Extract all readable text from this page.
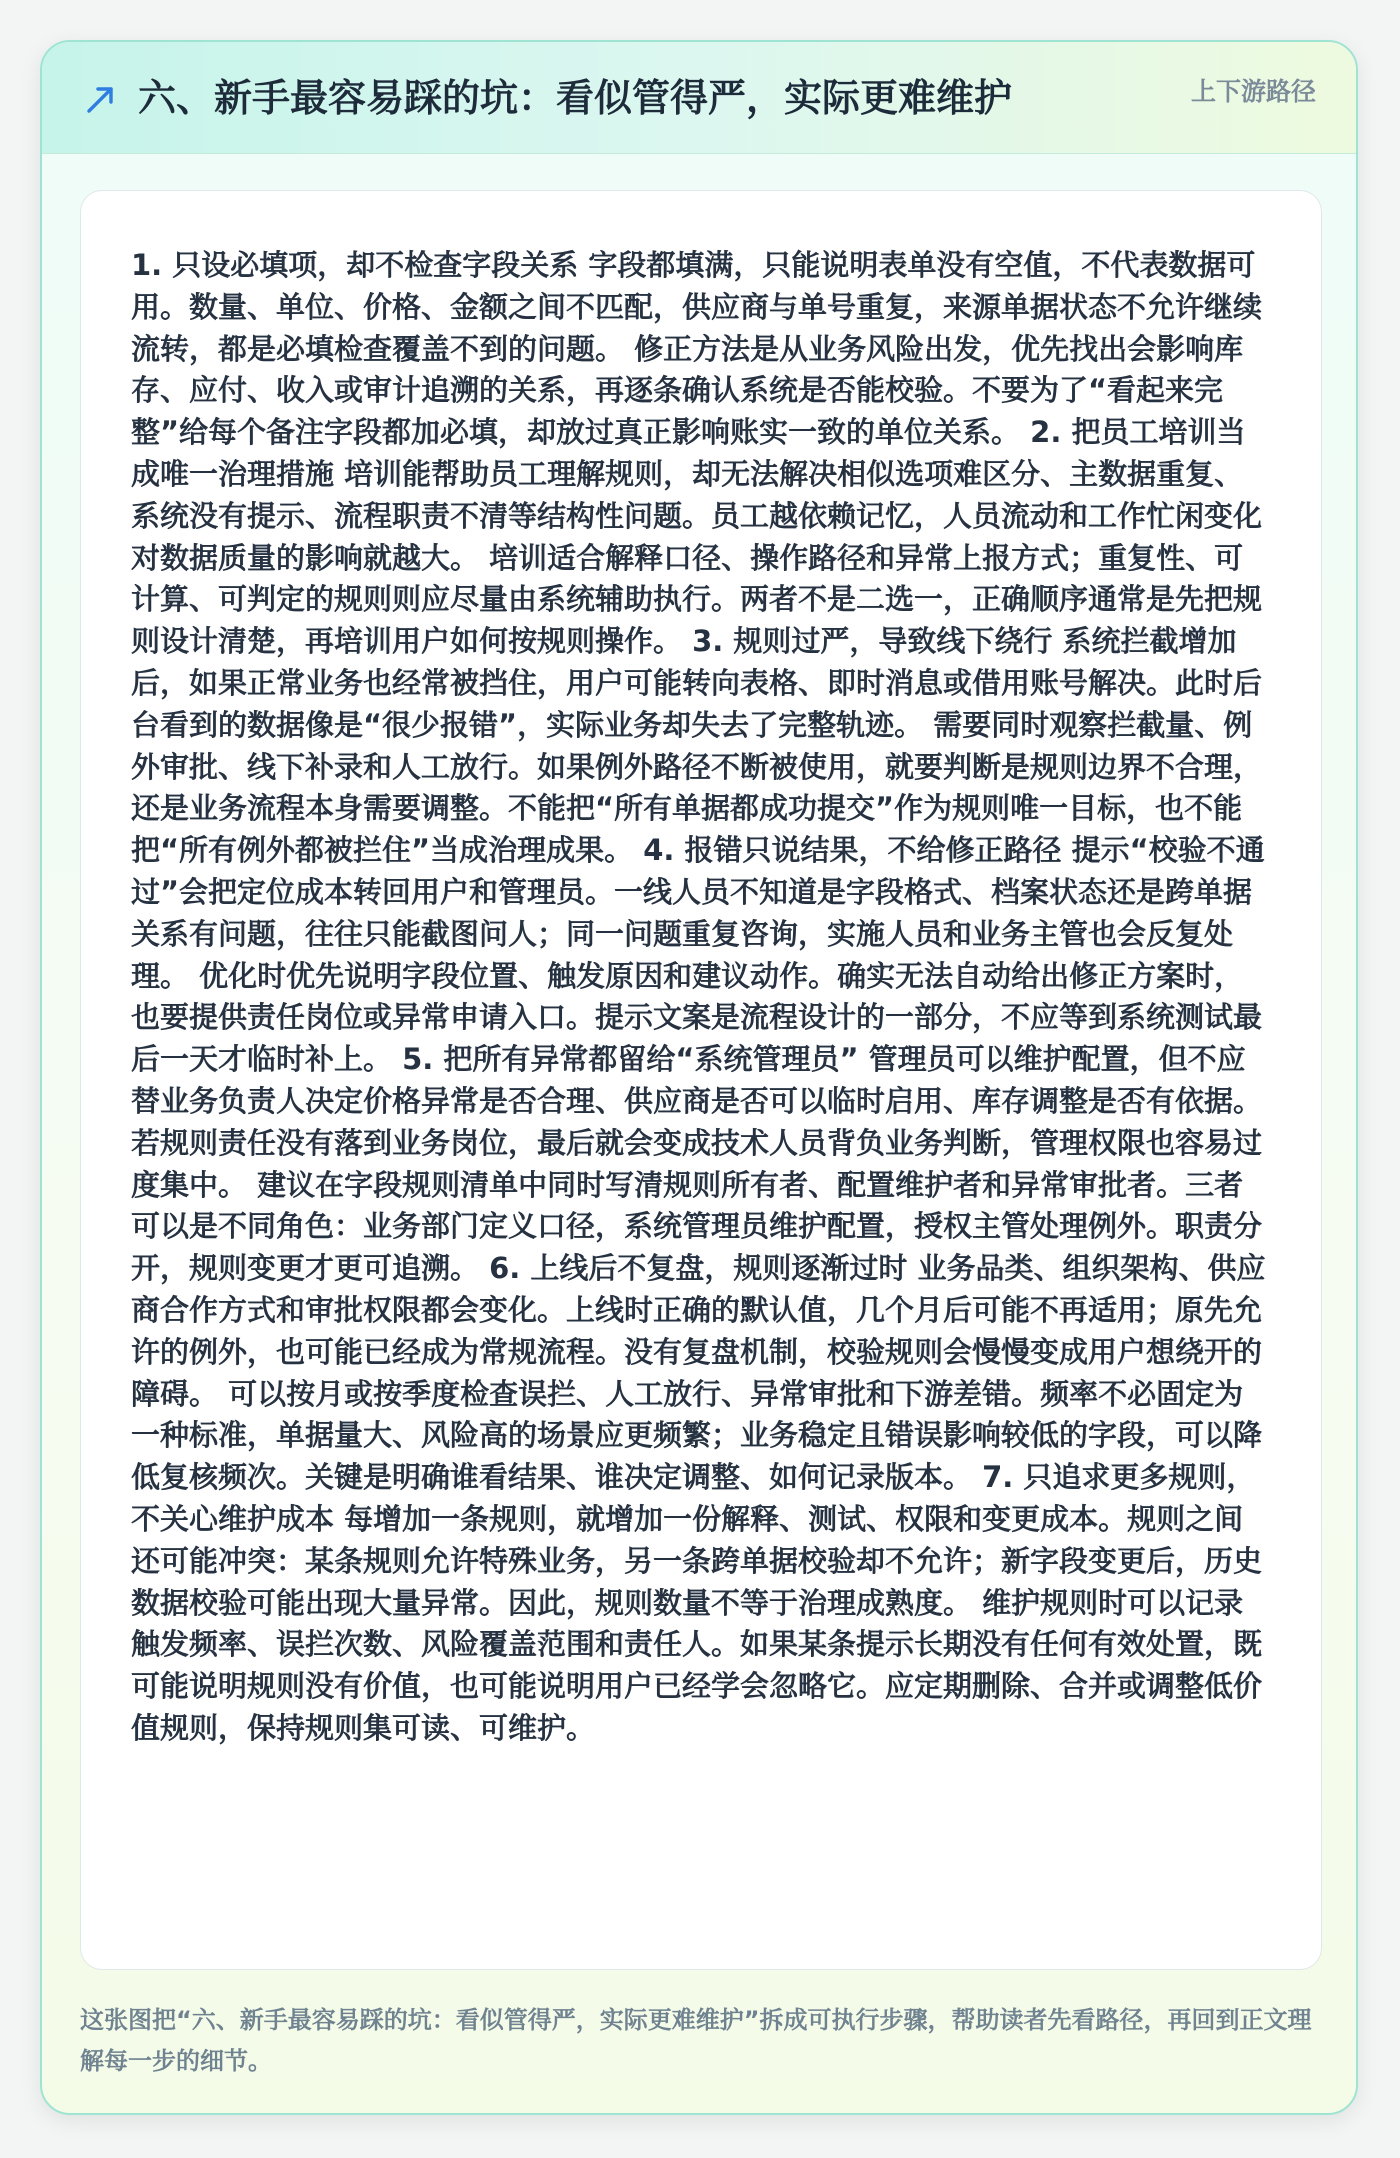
六、新手最容易踩的坑：看似管得严，实际更难维护	上下游路径

1. 只设必填项，却不检查字段关系 字段都填满，只能说明表单没有空值，不代表数据可用。数量、单位、价格、金额之间不匹配，供应商与单号重复，来源单据状态不允许继续流转，都是必填检查覆盖不到的问题。 修正方法是从业务风险出发，优先找出会影响库存、应付、收入或审计追溯的关系，再逐条确认系统是否能校验。不要为了“看起来完整”给每个备注字段都加必填，却放过真正影响账实一致的单位关系。 2. 把员工培训当成唯一治理措施 培训能帮助员工理解规则，却无法解决相似选项难区分、主数据重复、系统没有提示、流程职责不清等结构性问题。员工越依赖记忆，人员流动和工作忙闲变化对数据质量的影响就越大。 培训适合解释口径、操作路径和异常上报方式；重复性、可计算、可判定的规则则应尽量由系统辅助执行。两者不是二选一，正确顺序通常是先把规则设计清楚，再培训用户如何按规则操作。 3. 规则过严，导致线下绕行 系统拦截增加后，如果正常业务也经常被挡住，用户可能转向表格、即时消息或借用账号解决。此时后台看到的数据像是“很少报错”，实际业务却失去了完整轨迹。 需要同时观察拦截量、例外审批、线下补录和人工放行。如果例外路径不断被使用，就要判断是规则边界不合理，还是业务流程本身需要调整。不能把“所有单据都成功提交”作为规则唯一目标，也不能把“所有例外都被拦住”当成治理成果。 4. 报错只说结果，不给修正路径 提示“校验不通过”会把定位成本转回用户和管理员。一线人员不知道是字段格式、档案状态还是跨单据关系有问题，往往只能截图问人；同一问题重复咨询，实施人员和业务主管也会反复处理。 优化时优先说明字段位置、触发原因和建议动作。确实无法自动给出修正方案时，也要提供责任岗位或异常申请入口。提示文案是流程设计的一部分，不应等到系统测试最后一天才临时补上。 5. 把所有异常都留给“系统管理员” 管理员可以维护配置，但不应替业务负责人决定价格异常是否合理、供应商是否可以临时启用、库存调整是否有依据。若规则责任没有落到业务岗位，最后就会变成技术人员背负业务判断，管理权限也容易过度集中。 建议在字段规则清单中同时写清规则所有者、配置维护者和异常审批者。三者可以是不同角色：业务部门定义口径，系统管理员维护配置，授权主管处理例外。职责分开，规则变更才更可追溯。 6. 上线后不复盘，规则逐渐过时 业务品类、组织架构、供应商合作方式和审批权限都会变化。上线时正确的默认值，几个月后可能不再适用；原先允许的例外，也可能已经成为常规流程。没有复盘机制，校验规则会慢慢变成用户想绕开的障碍。 可以按月或按季度检查误拦、人工放行、异常审批和下游差错。频率不必固定为一种标准，单据量大、风险高的场景应更频繁；业务稳定且错误影响较低的字段，可以降低复核频次。关键是明确谁看结果、谁决定调整、如何记录版本。 7. 只追求更多规则，不关心维护成本 每增加一条规则，就增加一份解释、测试、权限和变更成本。规则之间还可能冲突：某条规则允许特殊业务，另一条跨单据校验却不允许；新字段变更后，历史数据校验可能出现大量异常。因此，规则数量不等于治理成熟度。 维护规则时可以记录触发频率、误拦次数、风险覆盖范围和责任人。如果某条提示长期没有任何有效处置，既可能说明规则没有价值，也可能说明用户已经学会忽略它。应定期删除、合并或调整低价值规则，保持规则集可读、可维护。

这张图把“六、新手最容易踩的坑：看似管得严，实际更难维护”拆成可执行步骤，帮助读者先看路径，再回到正文理解每一步的细节。
